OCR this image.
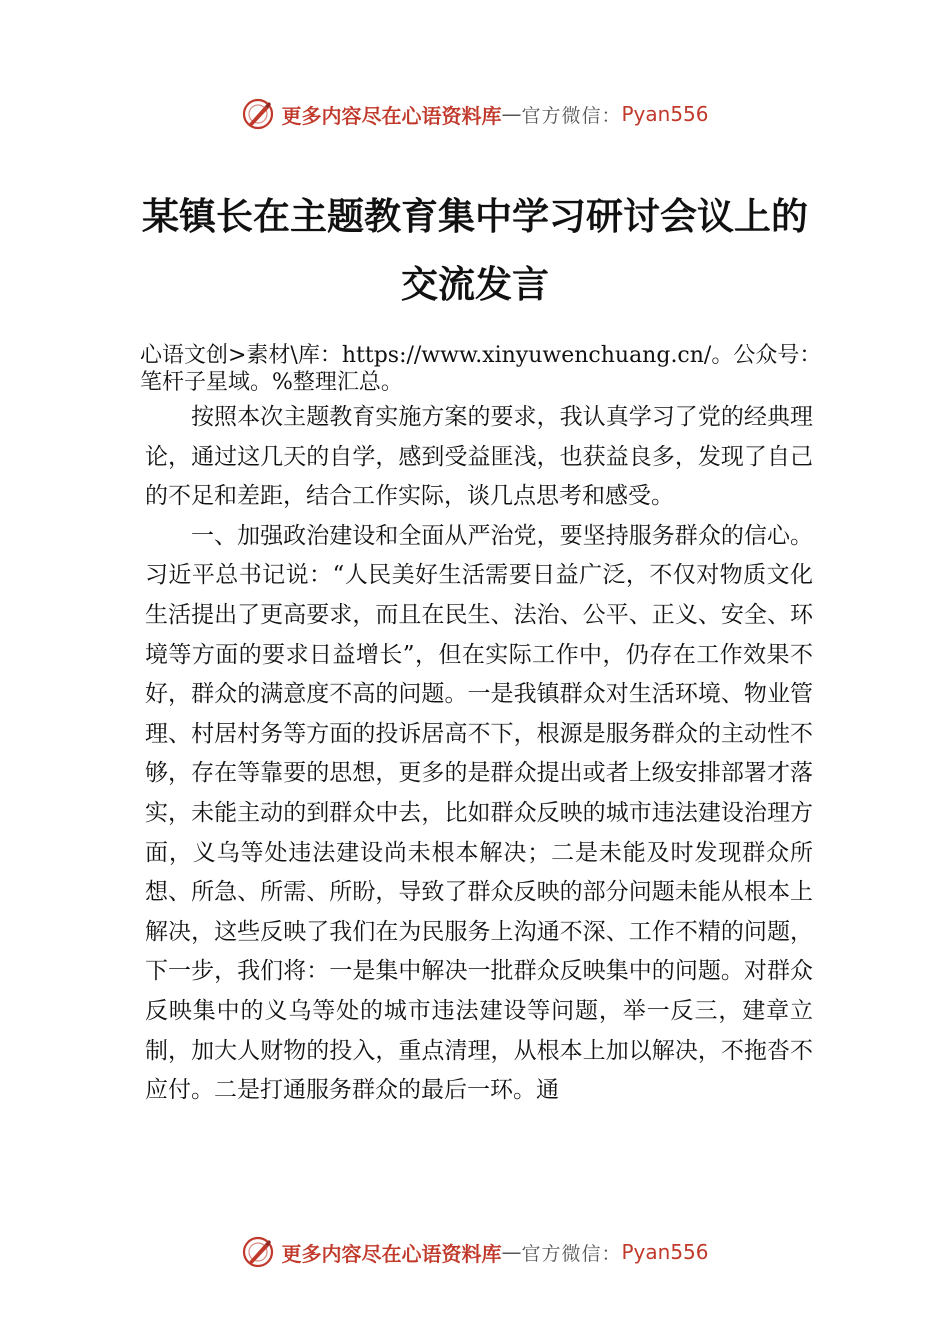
更多内容尽在心语资料库 — 官方微信： Pyan556
某镇长在主题教育集中学习研讨会议上的
交流发言
心语文创>素材\库：https://www.xinyuwenchuang.cn/。公众号：笔杆子星域。%整理汇总。

按照本次主题教育实施方案的要求，我认真学习了党的经典理论，通过这几天的自学，感到受益匪浅，也获益良多，发现了自己的不足和差距，结合工作实际，谈几点思考和感受。

一、加强政治建设和全面从严治党，要坚持服务群众的信心。习近平总书记说：“人民美好生活需要日益广泛，不仅对物质文化生活提出了更高要求，而且在民生、法治、公平、正义、安全、环境等方面的要求日益增长”，但在实际工作中，仍存在工作效果不好，群众的满意度不高的问题。一是我镇群众对生活环境、物业管理、村居村务等方面的投诉居高不下，根源是服务群众的主动性不够，存在等靠要的思想，更多的是群众提出或者上级安排部署才落实，未能主动的到群众中去，比如群众反映的城市违法建设治理方面，义乌等处违法建设尚未根本解决；二是未能及时发现群众所想、所急、所需、所盼，导致了群众反映的部分问题未能从根本上解决，这些反映了我们在为民服务上沟通不深、工作不精的问题，下一步，我们将：一是集中解决一批群众反映集中的问题。对群众反映集中的义乌等处的城市违法建设等问题，举一反三，建章立制，加大人财物的投入，重点清理，从根本上加以解决，不拖沓不应付。二是打通服务群众的最后一环。通

更多内容尽在心语资料库 — 官方微信： Pyan556
